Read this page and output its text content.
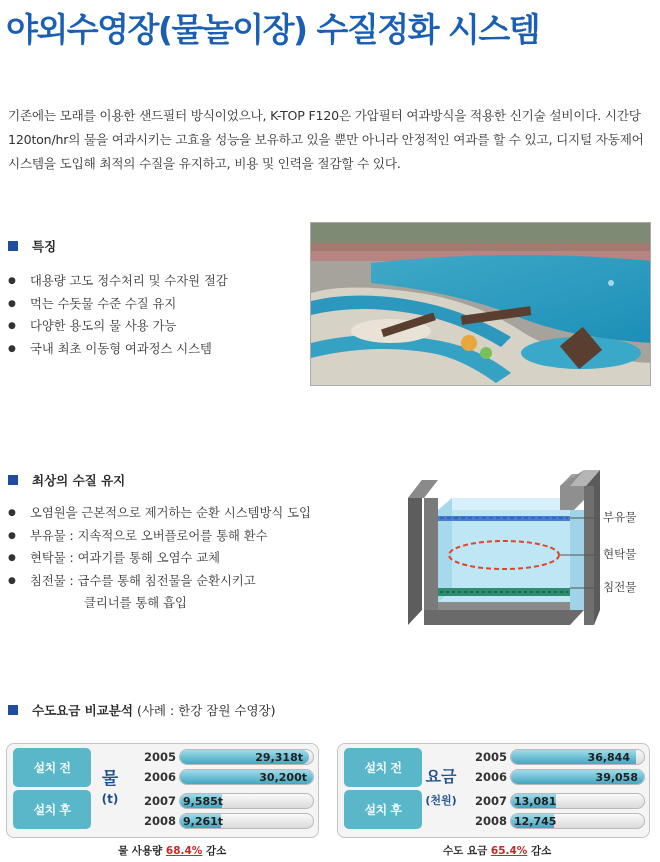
야외수영장(물놀이장) 수질정화 시스템

기존에는 모래를 이용한 샌드필터 방식이었으나, K-TOP F120은 가압필터 여과방식을 적용한 신기술 설비이다. 시간당 120ton/hr의 물을 여과시키는 고효율 성능을 보유하고 있을 뿐만 아니라 안정적인 여과를 할 수 있고, 디지털 자동제어 시스템을 도입해 최적의 수질을 유지하고, 비용 및 인력을 절감할 수 있다.

특징
●	대용량 고도 정수처리 및 수자원 절감
●	먹는 수돗물 수준 수질 유지
●	다양한 용도의 물 사용 가능
●	국내 최초 이동형 여과정스 시스템
최상의 수질 유지
●	오염원을 근본적으로 제거하는 순환 시스템방식 도입
●	부유물 : 지속적으로 오버플로어를 통해 환수
●	현탁물 : 여과기를 통해 오염수 교체
●	침전물 : 급수를 통해 침전물을 순환시키고
클리너를 통해 흡입
부유물
현탁물
침전물
수도요금 비교분석 (사례 : 한강 잠원 수영장)
설치 전
설치 후
물
(t)
2005	29,318t
2006	30,200t
2007 9,585t
2008 9,261t
물 사용량 68.4% 감소
설치 전
설치 후
요금
(천원)
2005	36,844
2006	39,058
2007 13,081
2008 12,745
수도 요금 65.4% 감소
